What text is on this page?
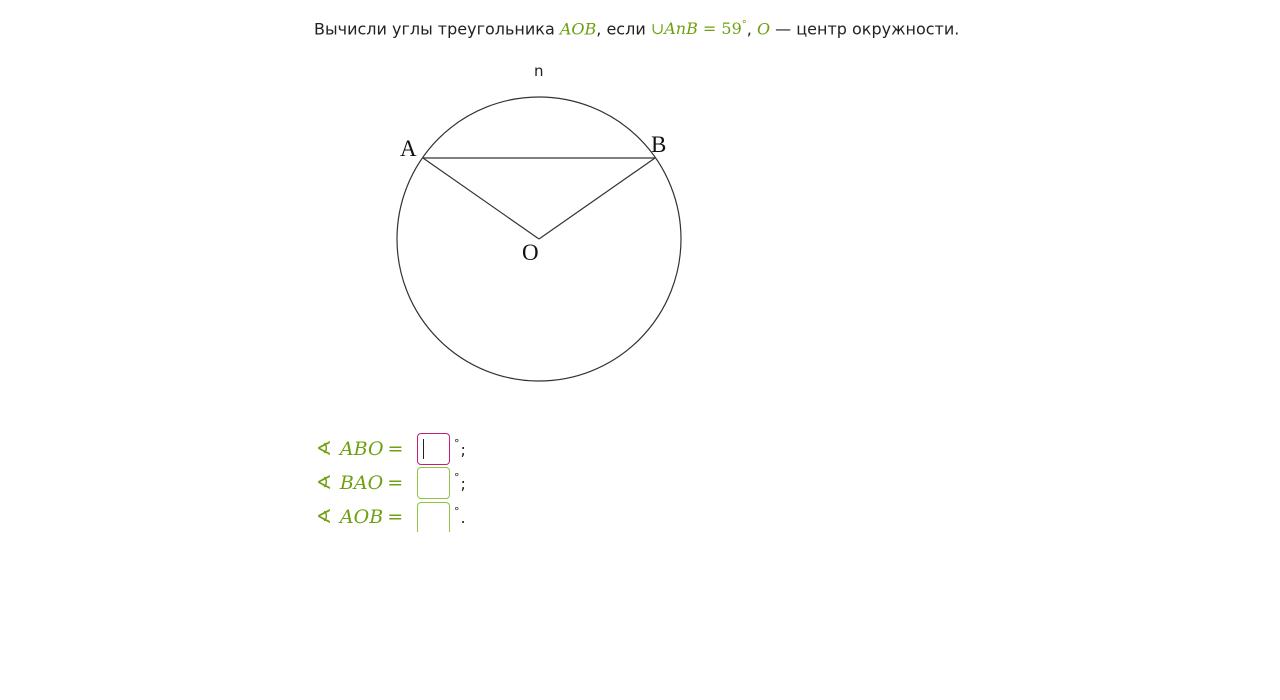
Вычисли углы треугольника AOB, если ∪AnB = 59°, O — центр окружности.
n
A	B
O
∢ ABO =	° ;
∢ BAO =	° ;
∢ AOB =	° .
